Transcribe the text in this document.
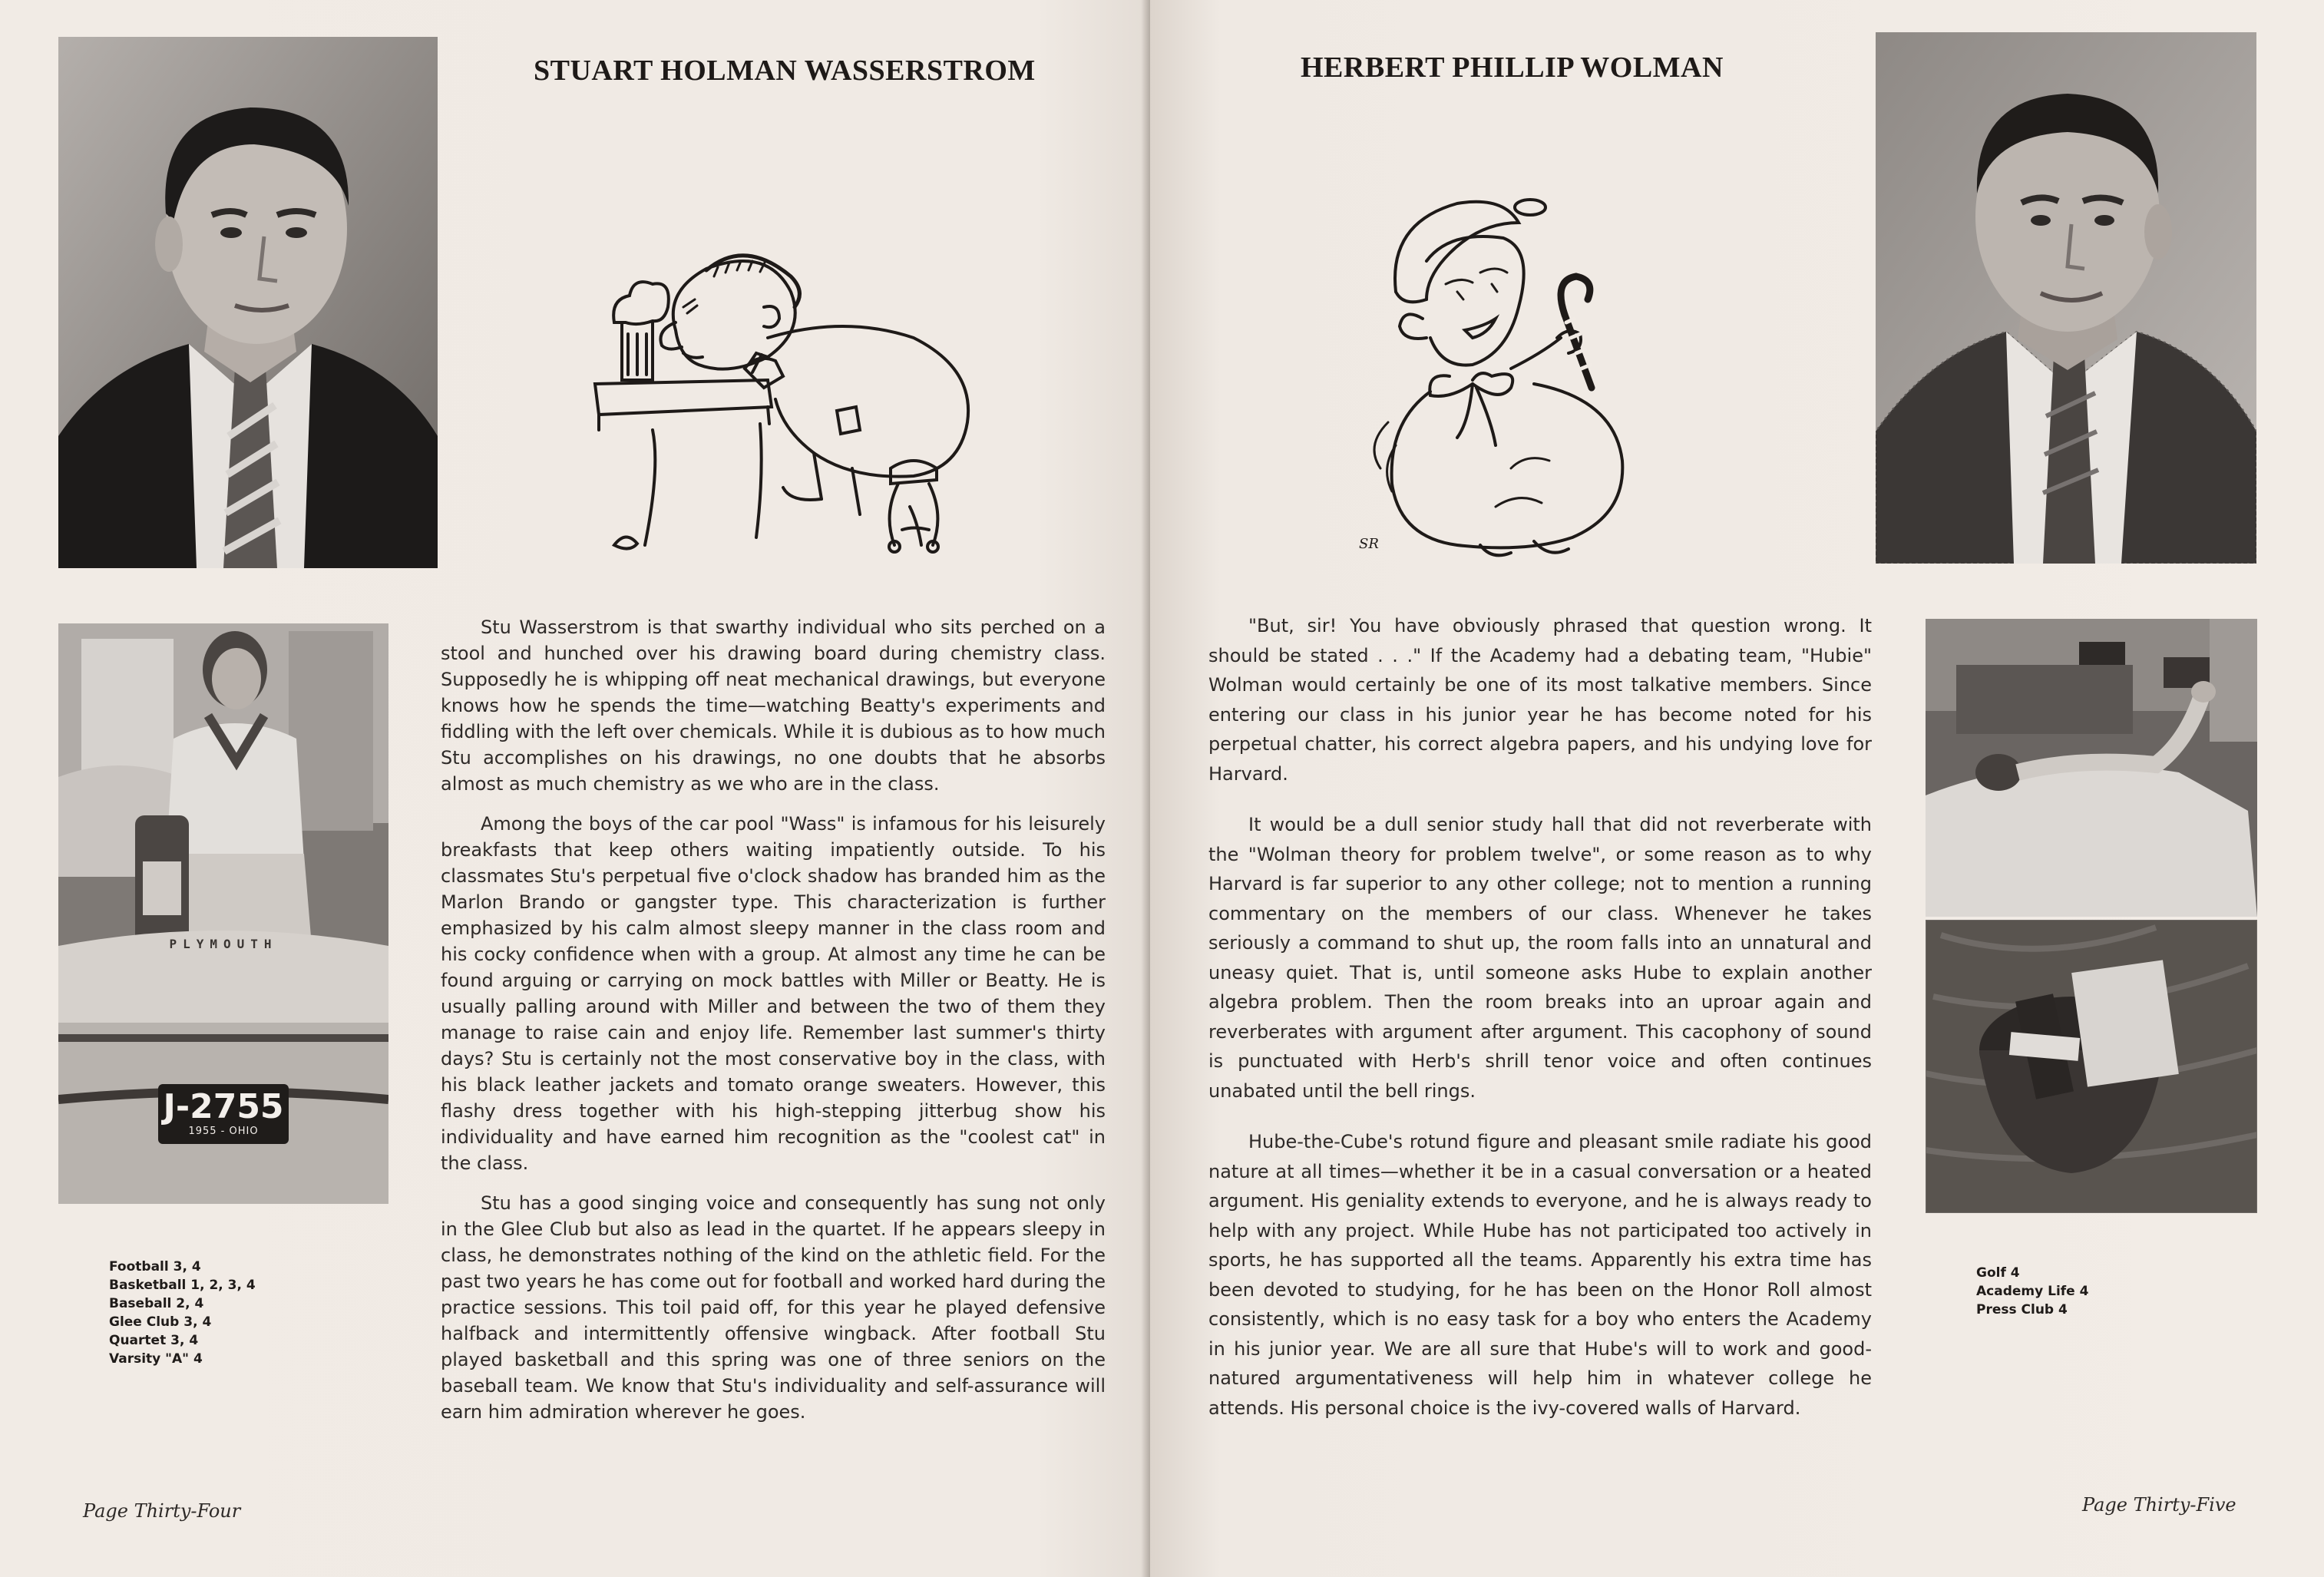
STUART HOLMAN WASSERSTROM
PLYMOUTH
J-2755
1955 - OHIO

Stu Wasserstrom is that swarthy individual who sits perched on a stool and hunched over his drawing board during chemistry class. Supposedly he is whipping off neat mechanical drawings, but everyone knows how he spends the time—watching Beatty's experiments and fiddling with the left over chemicals. While it is dubious as to how much Stu accomplishes on his drawings, no one doubts that he absorbs almost as much chemistry as we who are in the class.

Among the boys of the car pool "Wass" is infamous for his leisurely breakfasts that keep others waiting impatiently outside. To his classmates Stu's perpetual five o'clock shadow has branded him as the Marlon Brando or gangster type. This characterization is further emphasized by his calm almost sleepy manner in the class room and his cocky confidence when with a group. At almost any time he can be found arguing or carrying on mock battles with Miller or Beatty. He is usually palling around with Miller and between the two of them they manage to raise cain and enjoy life. Remember last summer's thirty days? Stu is certainly not the most conservative boy in the class, with his black leather jackets and tomato orange sweaters. However, this flashy dress together with his high-stepping jitterbug show his individuality and have earned him recognition as the "coolest cat" in the class.

Stu has a good singing voice and consequently has sung not only in the Glee Club but also as lead in the quartet. If he appears sleepy in class, he demonstrates nothing of the kind on the athletic field. For the past two years he has come out for football and worked hard during the practice sessions. This toil paid off, for this year he played defensive halfback and intermittently offensive wingback. After football Stu played basketball and this spring was one of three seniors on the baseball team. We know that Stu's individuality and self-assurance will earn him admiration wherever he goes.

Football 3, 4
Basketball 1, 2, 3, 4
Baseball 2, 4
Glee Club 3, 4
Quartet 3, 4
Varsity "A" 4
Page Thirty-Four
HERBERT PHILLIP WOLMAN
SR

"But, sir! You have obviously phrased that question wrong. It should be stated . . ." If the Academy had a debating team, "Hubie" Wolman would certainly be one of its most talkative members. Since entering our class in his junior year he has become noted for his perpetual chatter, his correct algebra papers, and his undying love for Harvard.

It would be a dull senior study hall that did not reverberate with the "Wolman theory for problem twelve", or some reason as to why Harvard is far superior to any other college; not to mention a running commentary on the members of our class. Whenever he takes seriously a command to shut up, the room falls into an unnatural and uneasy quiet. That is, until someone asks Hube to explain another algebra problem. Then the room breaks into an uproar again and reverberates with argument after argument. This cacophony of sound is punctuated with Herb's shrill tenor voice and often continues unabated until the bell rings.

Hube-the-Cube's rotund figure and pleasant smile radiate his good nature at all times—whether it be in a casual conversation or a heated argument. His geniality extends to everyone, and he is always ready to help with any project. While Hube has not participated too actively in sports, he has supported all the teams. Apparently his extra time has been devoted to studying, for he has been on the Honor Roll almost consistently, which is no easy task for a boy who enters the Academy in his junior year. We are all sure that Hube's will to work and good-natured argumentativeness will help him in whatever college he attends. His personal choice is the ivy-covered walls of Harvard.

Golf 4
Academy Life 4
Press Club 4
Page Thirty-Five
